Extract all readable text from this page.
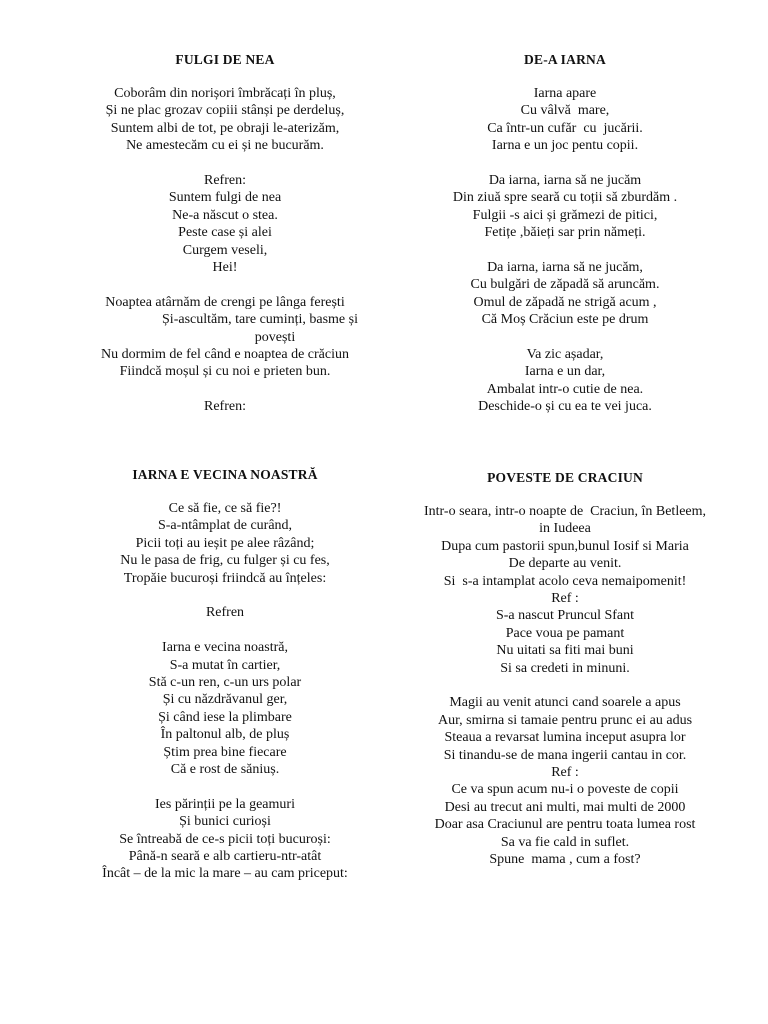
FULGI DE NEA
Coborâm din norișori îmbrăcați în pluș,
Și ne plac grozav copiii stânși pe derdeluș,
Suntem albi de tot, pe obraji le-aterizăm,
Ne amestecăm cu ei și ne bucurăm.
Refren:
Suntem fulgi de nea
Ne-a născut o stea.
Peste case și alei
Curgem veseli,
Hei!
Noaptea atârnăm de crengi pe lânga ferești
Și-ascultăm, tare cuminți, basme și
povești
Nu dormim de fel când e noaptea de crăciun
Fiindcă moșul și cu noi e prieten bun.
Refren:
DE-A IARNA
Iarna apare
Cu vâlvă  mare,
Ca într-un cufăr  cu  jucării.
Iarna e un joc pentu copii.
Da iarna, iarna să ne jucăm
Din ziuă spre seară cu toții să zburdăm .
Fulgii -s aici și grămezi de pitici,
Fetițe ,băieți sar prin nămeți.
Da iarna, iarna să ne jucăm,
Cu bulgări de zăpadă să aruncăm.
Omul de zăpadă ne strigă acum ,
Că Moș Crăciun este pe drum
Va zic așadar,
Iarna e un dar,
Ambalat intr-o cutie de nea.
Deschide-o și cu ea te vei juca.
IARNA E VECINA NOASTRĂ
Ce să fie, ce să fie?!
S-a-ntâmplat de curând,
Picii toți au ieșit pe alee râzând;
Nu le pasa de frig, cu fulger și cu fes,
Tropăie bucuroși friindcă au înțeles:
Refren
Iarna e vecina noastră,
S-a mutat în cartier,
Stă c-un ren, c-un urs polar
Și cu năzdrăvanul ger,
Și când iese la plimbare
În paltonul alb, de pluș
Știm prea bine fiecare
Că e rost de săniuș.
Ies părinții pe la geamuri
Și bunici curioși
Se întreabă de ce-s picii toți bucuroși:
Până-n seară e alb cartieru-ntr-atât
Încât – de la mic la mare – au cam priceput:
POVESTE DE CRACIUN
Intr-o seara, intr-o noapte de  Craciun, în Betleem,
in Iudeea
Dupa cum pastorii spun,bunul Iosif si Maria
De departe au venit.
Si  s-a intamplat acolo ceva nemaipomenit!
Ref :
S-a nascut Pruncul Sfant
Pace voua pe pamant
Nu uitati sa fiti mai buni
Si sa credeti in minuni.
Magii au venit atunci cand soarele a apus
Aur, smirna si tamaie pentru prunc ei au adus
Steaua a revarsat lumina inceput asupra lor
Si tinandu-se de mana ingerii cantau in cor.
Ref :
Ce va spun acum nu-i o poveste de copii
Desi au trecut ani multi, mai multi de 2000
Doar asa Craciunul are pentru toata lumea rost
Sa va fie cald in suflet.
Spune  mama , cum a fost?
